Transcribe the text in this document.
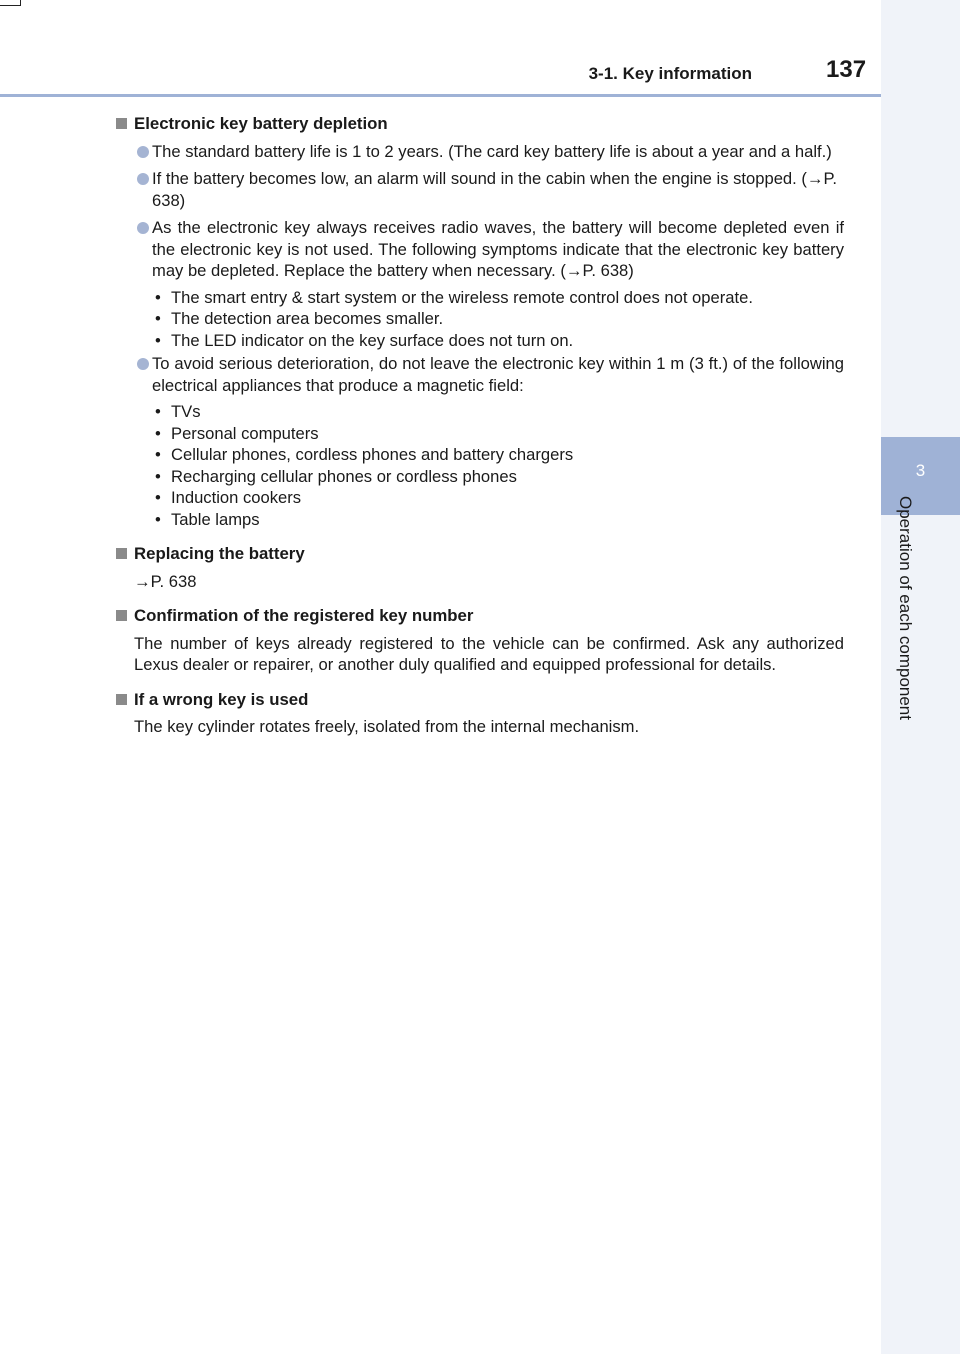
3-1. Key information	137
3
Operation of each component
Electronic key battery depletion
The standard battery life is 1 to 2 years. (The card key battery life is about a year and a half.)
If the battery becomes low, an alarm will sound in the cabin when the engine is stopped. (→P. 638)
As the electronic key always receives radio waves, the battery will become depleted even if the electronic key is not used. The following symptoms indicate that the electronic key battery may be depleted. Replace the battery when necessary. (→P. 638)
• The smart entry & start system or the wireless remote control does not operate.
• The detection area becomes smaller.
• The LED indicator on the key surface does not turn on.
To avoid serious deterioration, do not leave the electronic key within 1 m (3 ft.) of the following electrical appliances that produce a magnetic field:
• TVs
• Personal computers
• Cellular phones, cordless phones and battery chargers
• Recharging cellular phones or cordless phones
• Induction cookers
• Table lamps
Replacing the battery
→P. 638
Confirmation of the registered key number
The number of keys already registered to the vehicle can be confirmed. Ask any authorized Lexus dealer or repairer, or another duly qualified and equipped professional for details.
If a wrong key is used
The key cylinder rotates freely, isolated from the internal mechanism.
